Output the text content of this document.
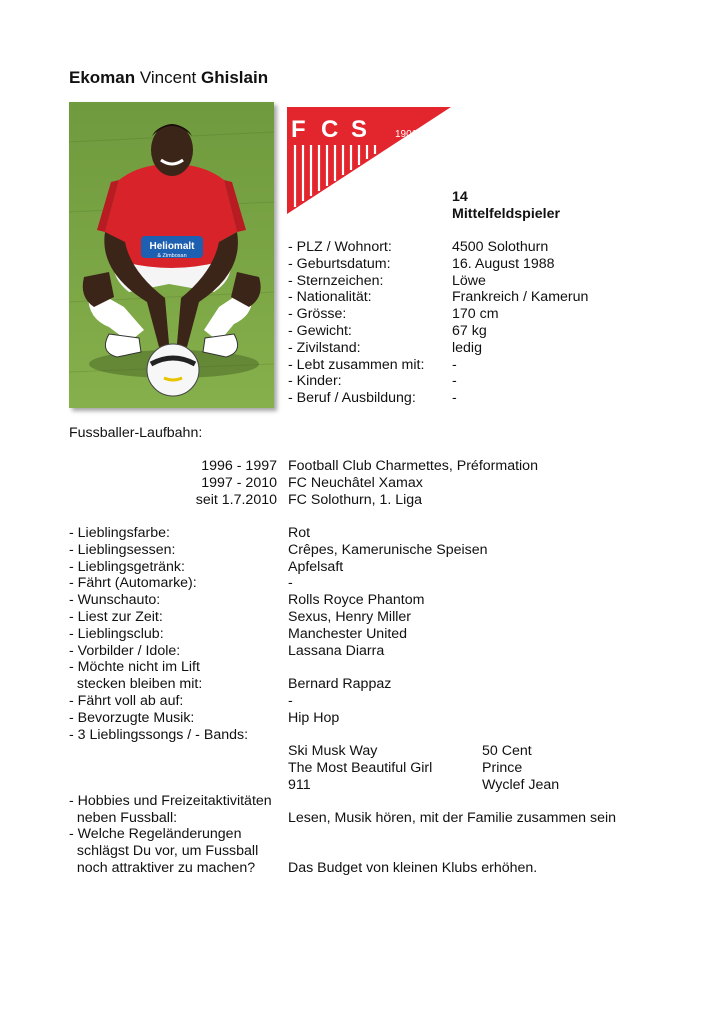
Ekoman Vincent Ghislain
Heliomalt
& Zimbosan
F C S	1901
14
Mittelfeldspieler
- PLZ / Wohnort:	4500 Solothurn
- Geburtsdatum:	16. August 1988
- Sternzeichen:	Löwe
- Nationalität:	Frankreich / Kamerun
- Grösse:	170 cm
- Gewicht:	67 kg
- Zivilstand:	ledig
- Lebt zusammen mit: -
- Kinder:	-
- Beruf / Ausbildung:	-
Fussballer-Laufbahn:
1996 - 1997 Football Club Charmettes, Préformation
1997 - 2010 FC Neuchâtel Xamax
seit 1.7.2010 FC Solothurn, 1. Liga
- Lieblingsfarbe:	Rot
- Lieblingsessen:	Crêpes, Kamerunische Speisen
- Lieblingsgetränk:	Apfelsaft
- Fährt (Automarke):	-
- Wunschauto:	Rolls Royce Phantom
- Liest zur Zeit:	Sexus, Henry Miller
- Lieblingsclub:	Manchester United
- Vorbilder / Idole:	Lassana Diarra
- Möchte nicht im Lift
stecken bleiben mit:	Bernard Rappaz
- Fährt voll ab auf:	-
- Bevorzugte Musik:	Hip Hop
- 3 Lieblingssongs / - Bands:
Ski Musk Way	50 Cent
The Most Beautiful Girl	Prince
911	Wyclef Jean
- Hobbies und Freizeitaktivitäten
neben Fussball:	Lesen, Musik hören, mit der Familie zusammen sein
- Welche Regeländerungen
schlägst Du vor, um Fussball
noch attraktiver zu machen? Das Budget von kleinen Klubs erhöhen.
